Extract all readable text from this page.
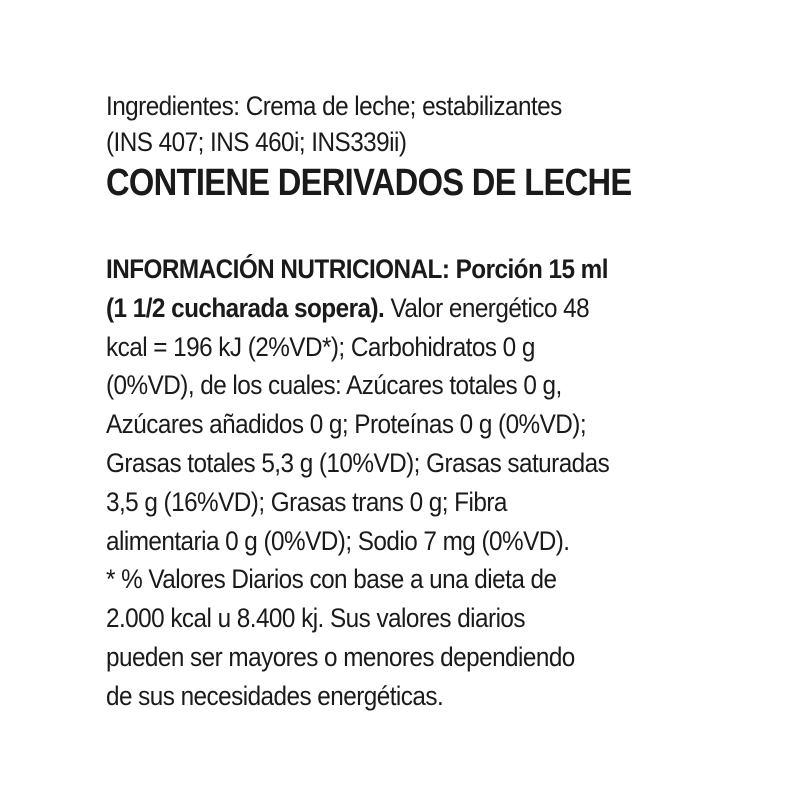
Ingredientes: Crema de leche; estabilizantes
(INS 407; INS 460i; INS339ii)
CONTIENE DERIVADOS DE LECHE
INFORMACIÓN NUTRICIONAL: Porción 15 ml
(1 1/2 cucharada sopera). Valor energético 48
kcal = 196 kJ (2%VD*); Carbohidratos 0 g
(0%VD), de los cuales: Azúcares totales 0 g,
Azúcares añadidos 0 g; Proteínas 0 g (0%VD);
Grasas totales 5,3 g (10%VD); Grasas saturadas
3,5 g (16%VD); Grasas trans 0 g; Fibra
alimentaria 0 g (0%VD); Sodio 7 mg (0%VD).
* % Valores Diarios con base a una dieta de
2.000 kcal u 8.400 kj. Sus valores diarios
pueden ser mayores o menores dependiendo
de sus necesidades energéticas.
